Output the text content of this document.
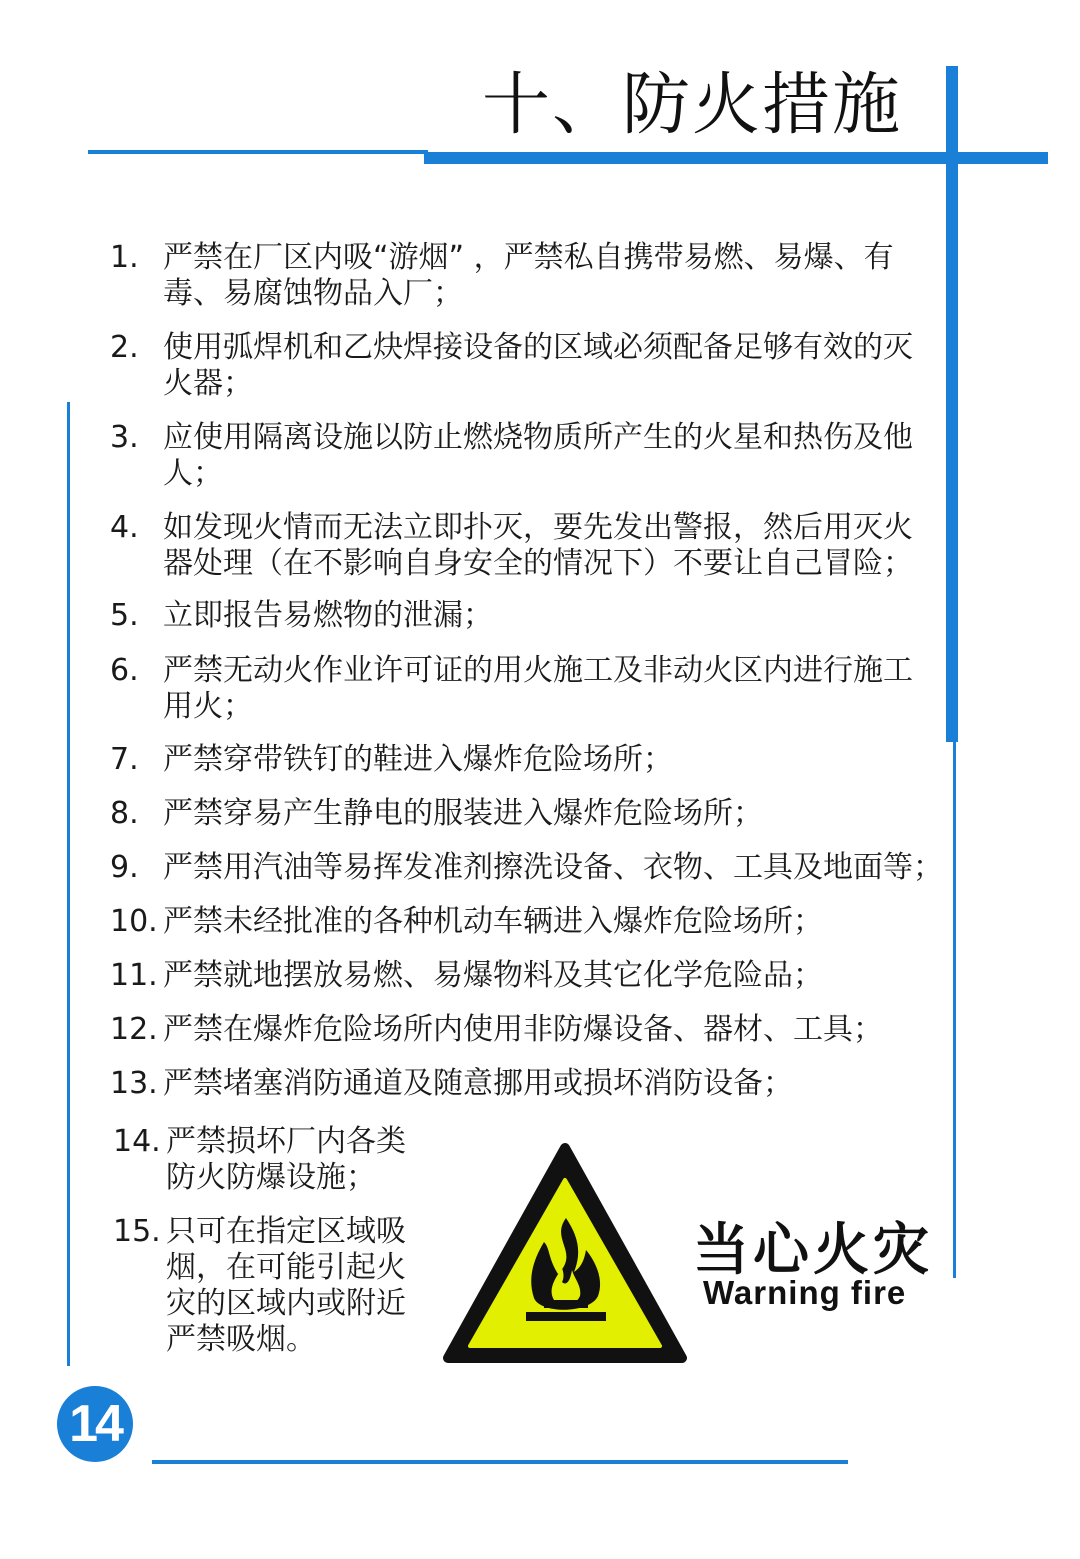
十、防火措施
1. 严禁在厂区内吸“游烟” ，严禁私自携带易燃、易爆、有毒、易腐蚀物品入厂；
2. 使用弧焊机和乙炔焊接设备的区域必须配备足够有效的灭火器；
3. 应使用隔离设施以防止燃烧物质所产生的火星和热伤及他人；
4. 如发现火情而无法立即扑灭，要先发出警报，然后用灭火器处理（在不影响自身安全的情况下）不要让自己冒险；
5. 立即报告易燃物的泄漏；
6. 严禁无动火作业许可证的用火施工及非动火区内进行施工用火；
7. 严禁穿带铁钉的鞋进入爆炸危险场所；
8. 严禁穿易产生静电的服装进入爆炸危险场所；
9. 严禁用汽油等易挥发准剂擦洗设备、衣物、工具及地面等；
10. 严禁未经批准的各种机动车辆进入爆炸危险场所；
11. 严禁就地摆放易燃、易爆物料及其它化学危险品；
12. 严禁在爆炸危险场所内使用非防爆设备、器材、工具；
13. 严禁堵塞消防通道及随意挪用或损坏消防设备；
14. 严禁损坏厂内各类防火防爆设施；
15. 只可在指定区域吸烟，在可能引起火灾的区域内或附近严禁吸烟。
当心火灾
Warning fire
14
